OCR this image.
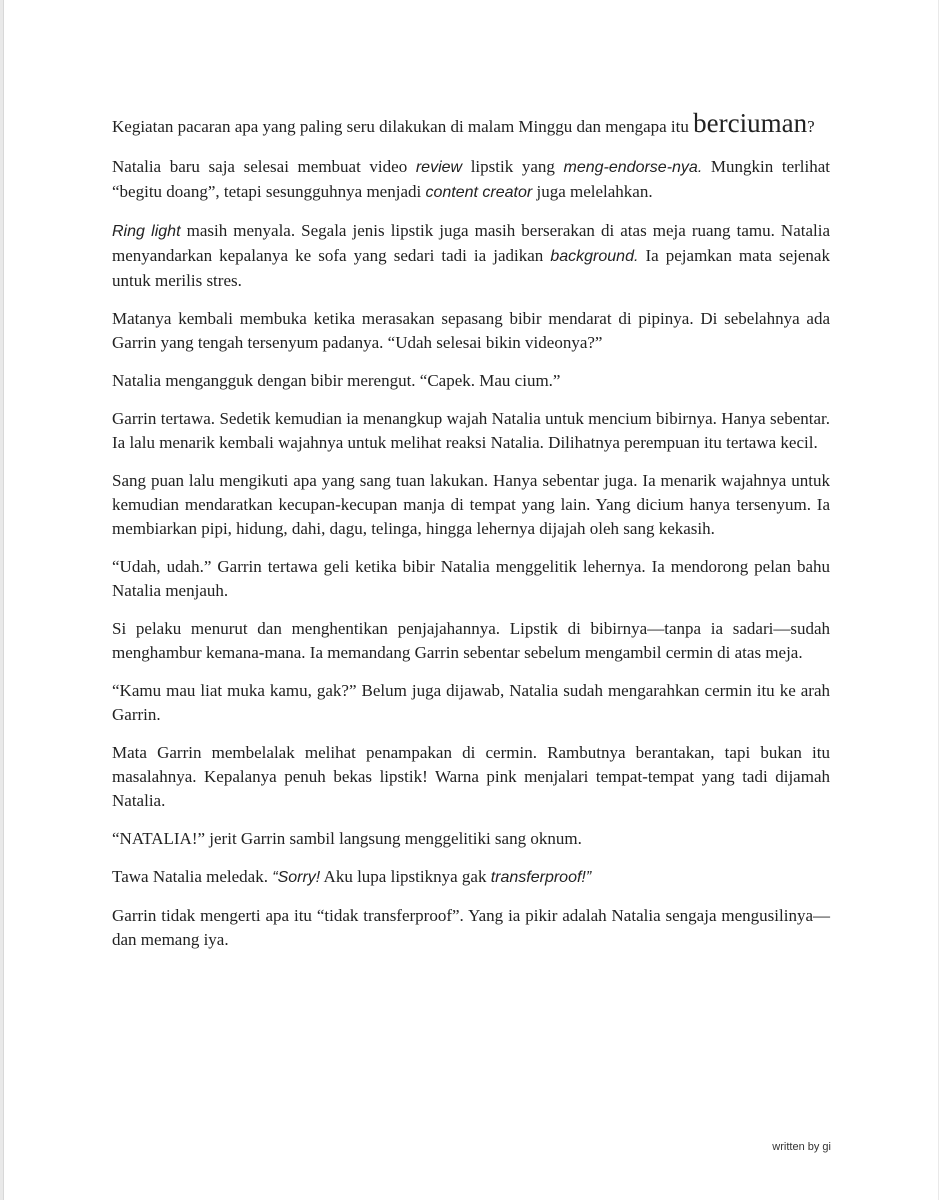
Kegiatan pacaran apa yang paling seru dilakukan di malam Minggu dan mengapa itu berciuman?

Natalia baru saja selesai membuat video review lipstik yang meng-endorse-nya. Mungkin terlihat “begitu doang”, tetapi sesungguhnya menjadi content creator juga melelahkan.

Ring light masih menyala. Segala jenis lipstik juga masih berserakan di atas meja ruang tamu. Natalia menyandarkan kepalanya ke sofa yang sedari tadi ia jadikan background. Ia pejamkan mata sejenak untuk merilis stres.

Matanya kembali membuka ketika merasakan sepasang bibir mendarat di pipinya. Di sebelahnya ada Garrin yang tengah tersenyum padanya. “Udah selesai bikin videonya?”

Natalia mengangguk dengan bibir merengut. “Capek. Mau cium.”

Garrin tertawa. Sedetik kemudian ia menangkup wajah Natalia untuk mencium bibirnya. Hanya sebentar. Ia lalu menarik kembali wajahnya untuk melihat reaksi Natalia. Dilihatnya perempuan itu tertawa kecil.

Sang puan lalu mengikuti apa yang sang tuan lakukan. Hanya sebentar juga. Ia menarik wajahnya untuk kemudian mendaratkan kecupan-kecupan manja di tempat yang lain. Yang dicium hanya tersenyum. Ia membiarkan pipi, hidung, dahi, dagu, telinga, hingga lehernya dijajah oleh sang kekasih.

“Udah, udah.” Garrin tertawa geli ketika bibir Natalia menggelitik lehernya. Ia mendorong pelan bahu Natalia menjauh.

Si pelaku menurut dan menghentikan penjajahannya. Lipstik di bibirnya—tanpa ia sadari—sudah menghambur kemana-mana. Ia memandang Garrin sebentar sebelum mengambil cermin di atas meja.

“Kamu mau liat muka kamu, gak?” Belum juga dijawab, Natalia sudah mengarahkan cermin itu ke arah Garrin.

Mata Garrin membelalak melihat penampakan di cermin. Rambutnya berantakan, tapi bukan itu masalahnya. Kepalanya penuh bekas lipstik! Warna pink menjalari tempat-tempat yang tadi dijamah Natalia.

“NATALIA!” jerit Garrin sambil langsung menggelitiki sang oknum.

Tawa Natalia meledak. “Sorry! Aku lupa lipstiknya gak transferproof!”

Garrin tidak mengerti apa itu “tidak transferproof”. Yang ia pikir adalah Natalia sengaja mengusilinya—dan memang iya.

written by gi
